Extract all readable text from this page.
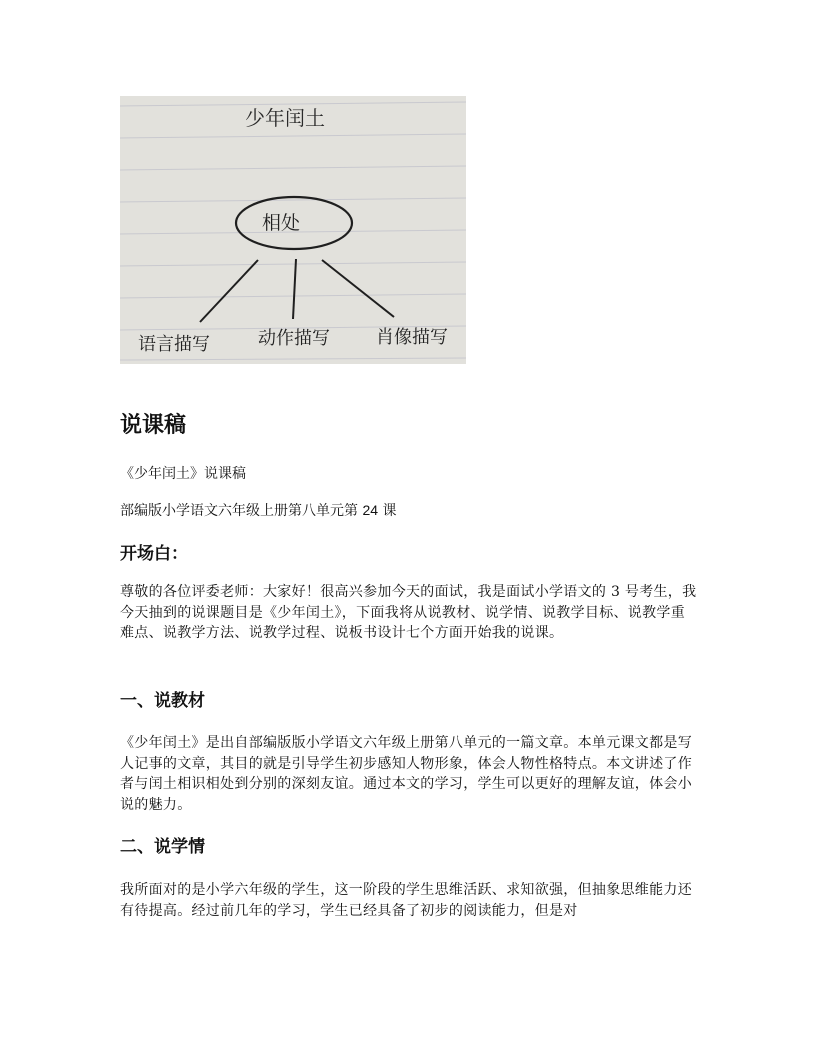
少年闰土
相处
语言描写	动作描写	肖像描写
说课稿

《少年闰土》说课稿

部编版小学语文六年级上册第八单元第 24 课

开场白：

尊敬的各位评委老师：大家好！很高兴参加今天的面试，我是面试小学语文的 3 号考生，我今天抽到的说课题目是《少年闰土》，下面我将从说教材、说学情、说教学目标、说教学重难点、说教学方法、说教学过程、说板书设计七个方面开始我的说课。

一、说教材

《少年闰土》是出自部编版版小学语文六年级上册第八单元的一篇文章。本单元课文都是写人记事的文章，其目的就是引导学生初步感知人物形象，体会人物性格特点。本文讲述了作者与闰土相识相处到分别的深刻友谊。通过本文的学习，学生可以更好的理解友谊，体会小说的魅力。

二、说学情

我所面对的是小学六年级的学生，这一阶段的学生思维活跃、求知欲强，但抽象思维能力还有待提高。经过前几年的学习，学生已经具备了初步的阅读能力，但是对
